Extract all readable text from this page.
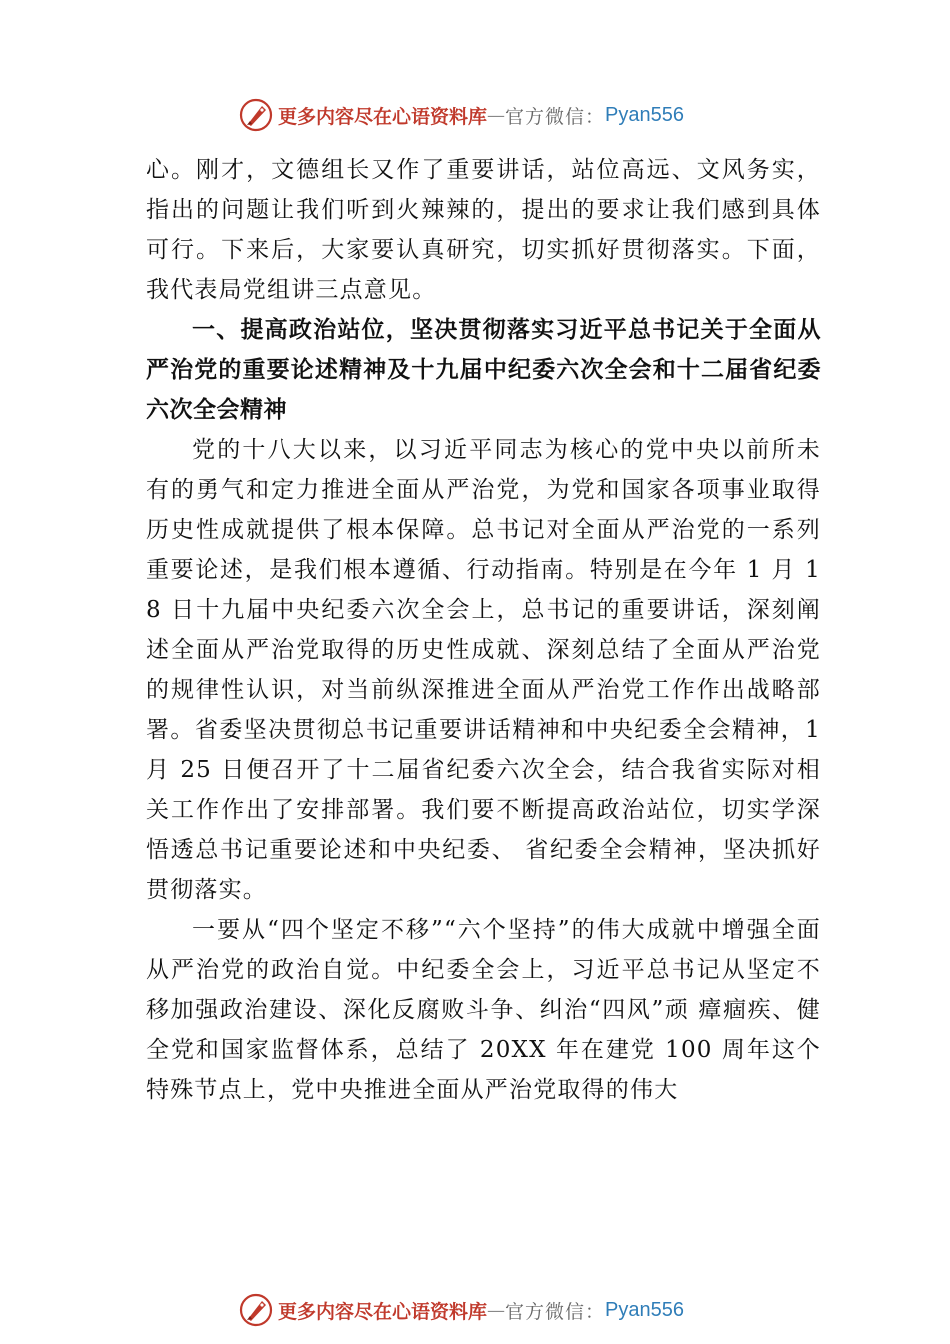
更多内容尽在心语资料库 — 官方微信： Pyan556

心。刚才，文德组长又作了重要讲话，站位高远、文风务实，指出的问题让我们听到火辣辣的，提出的要求让我们感到具体可行。下来后，大家要认真研究，切实抓好贯彻落实。下面，我代表局党组讲三点意见。

一、提高政治站位，坚决贯彻落实习近平总书记关于全面从严治党的重要论述精神及十九届中纪委六次全会和十二届省纪委六次全会精神

党的十八大以来，以习近平同志为核心的党中央以前所未有的勇气和定力推进全面从严治党，为党和国家各项事业取得历史性成就提供了根本保障。总书记对全面从严治党的一系列重要论述，是我们根本遵循、行动指南。特别是在今年 1 月 18 日十九届中央纪委六次全会上，总书记的重要讲话，深刻阐述全面从严治党取得的历史性成就、深刻总结了全面从严治党的规律性认识，对当前纵深推进全面从严治党工作作出战略部署。省委坚决贯彻总书记重要讲话精神和中央纪委全会精神，1 月 25 日便召开了十二届省纪委六次全会，结合我省实际对相关工作作出了安排部署。我们要不断提高政治站位，切实学深悟透总书记重要论述和中央纪委、 省纪委全会精神，坚决抓好贯彻落实。

一要从“四个坚定不移”“六个坚持”的伟大成就中增强全面从严治党的政治自觉。中纪委全会上，习近平总书记从坚定不移加强政治建设、深化反腐败斗争、纠治“四风”顽 瘴痼疾、健全党和国家监督体系，总结了 20XX 年在建党 100 周年这个特殊节点上，党中央推进全面从严治党取得的伟大

更多内容尽在心语资料库 — 官方微信： Pyan556
